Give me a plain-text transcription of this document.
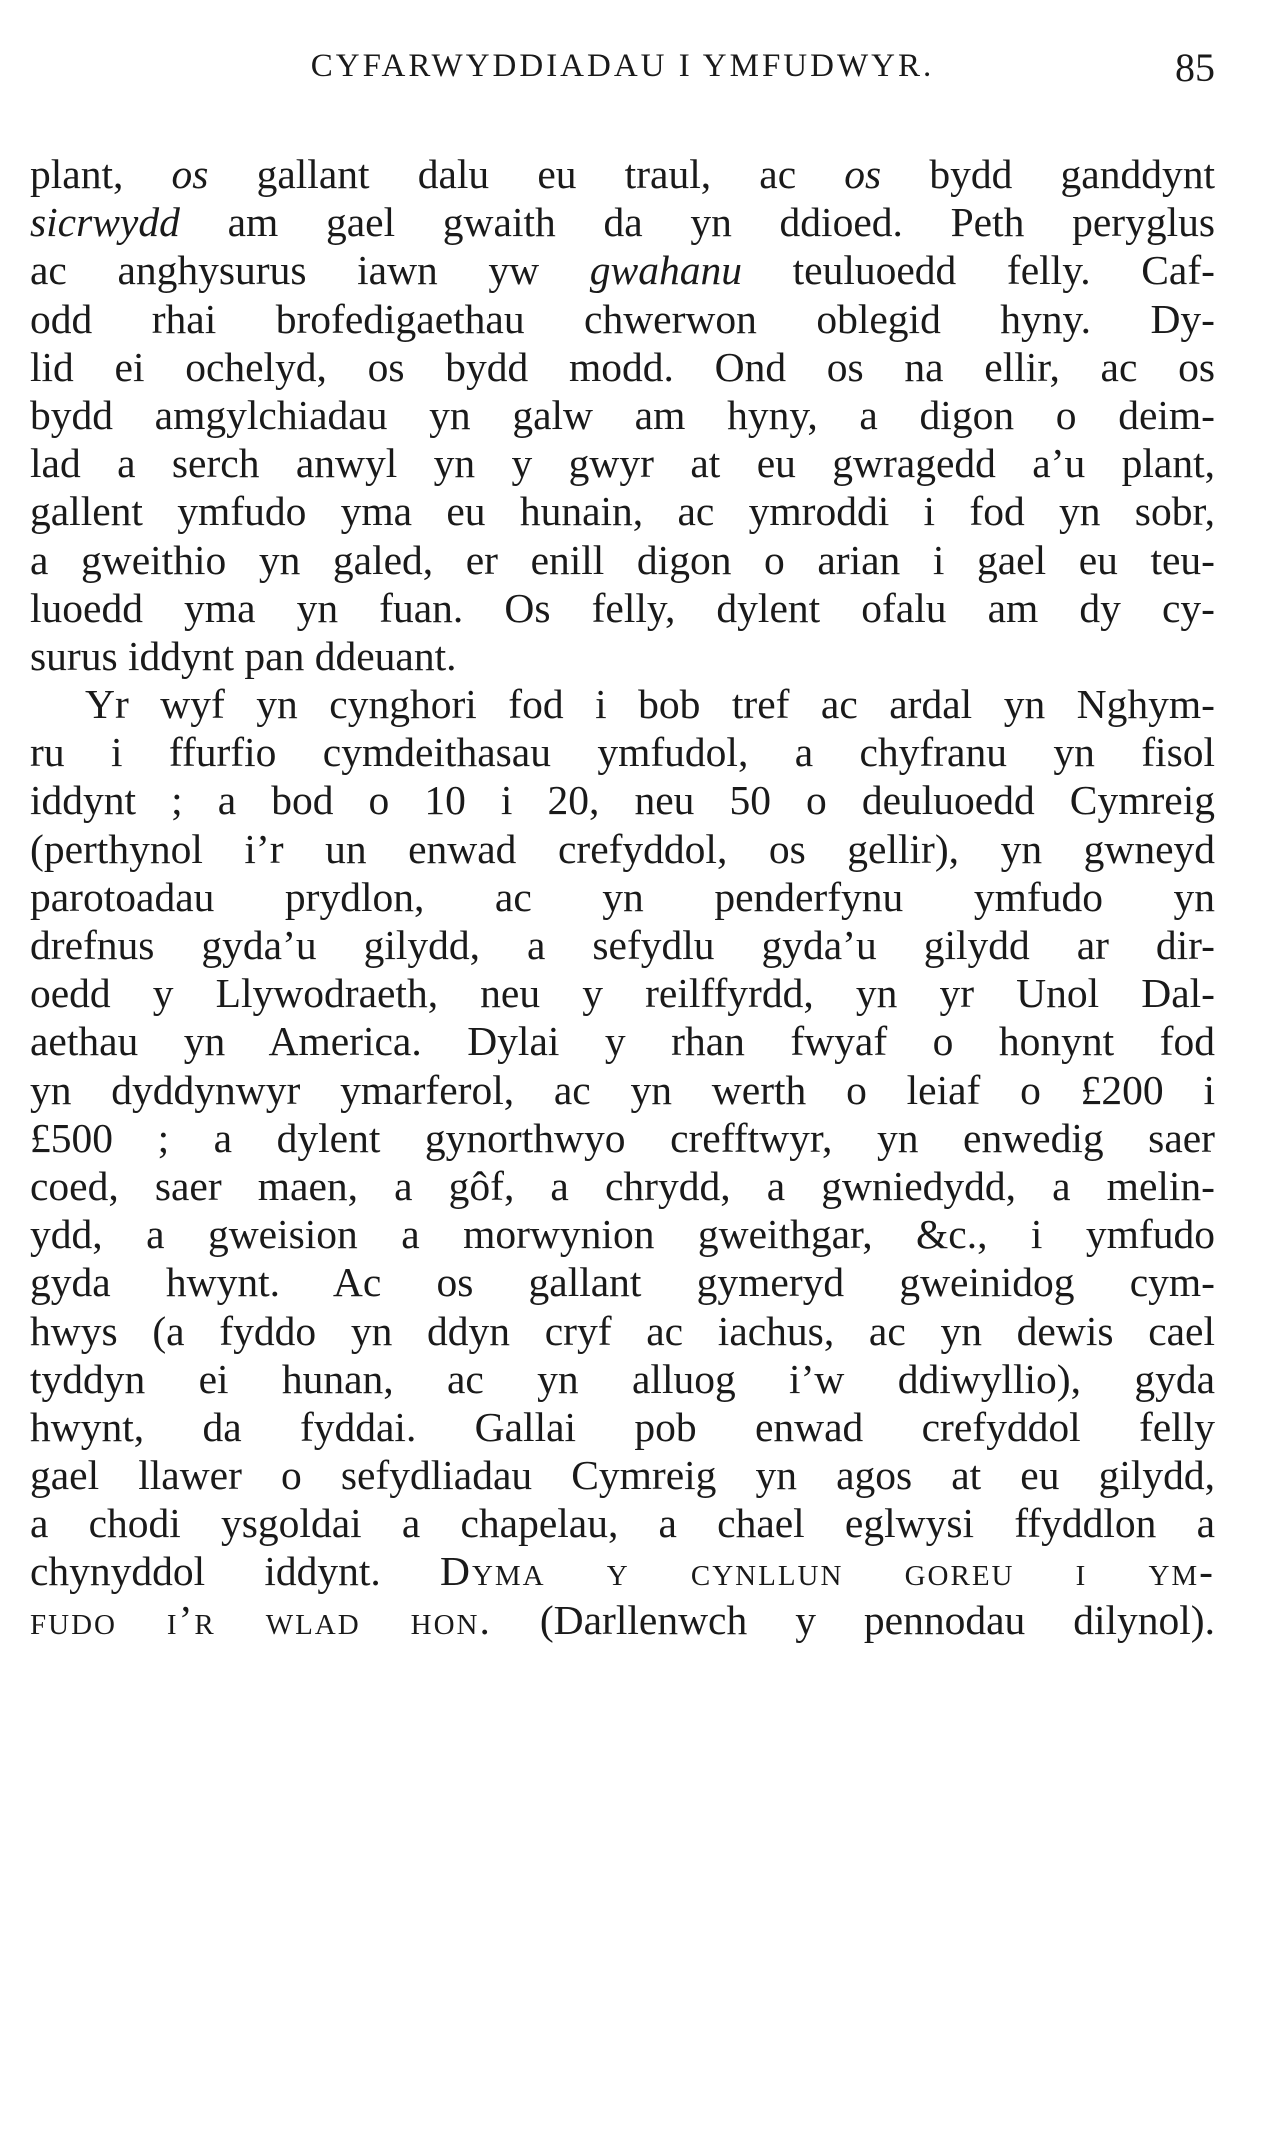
CYFARWYDDIADAU I YMFUDWYR.	85
plant, os gallant dalu eu traul, ac os bydd ganddynt
sicrwydd am gael gwaith da yn ddioed. Peth peryglus
ac anghysurus iawn yw gwahanu teuluoedd felly. Caf-
odd rhai brofedigaethau chwerwon oblegid hyny. Dy-
lid ei ochelyd, os bydd modd. Ond os na ellir, ac os
bydd amgylchiadau yn galw am hyny, a digon o deim-
lad a serch anwyl yn y gwyr at eu gwragedd a’u plant,
gallent ymfudo yma eu hunain, ac ymroddi i fod yn sobr,
a gweithio yn galed, er enill digon o arian i gael eu teu-
luoedd yma yn fuan. Os felly, dylent ofalu am dy cy-
surus iddynt pan ddeuant.
Yr wyf yn cynghori fod i bob tref ac ardal yn Nghym-
ru i ffurfio cymdeithasau ymfudol, a chyfranu yn fisol
iddynt ; a bod o 10 i 20, neu 50 o deuluoedd Cymreig
(perthynol i’r un enwad crefyddol, os gellir), yn gwneyd
parotoadau prydlon, ac yn penderfynu ymfudo yn
drefnus gyda’u gilydd, a sefydlu gyda’u gilydd ar dir-
oedd y Llywodraeth, neu y reilffyrdd, yn yr Unol Dal-
aethau yn America. Dylai y rhan fwyaf o honynt fod
yn dyddynwyr ymarferol, ac yn werth o leiaf o £200 i
£500 ; a dylent gynorthwyo crefftwyr, yn enwedig saer
coed, saer maen, a gôf, a chrydd, a gwniedydd, a melin-
ydd, a gweision a morwynion gweithgar, &c., i ymfudo
gyda hwynt. Ac os gallant gymeryd gweinidog cym-
hwys (a fyddo yn ddyn cryf ac iachus, ac yn dewis cael
tyddyn ei hunan, ac yn alluog i’w ddiwyllio), gyda
hwynt, da fyddai. Gallai pob enwad crefyddol felly
gael llawer o sefydliadau Cymreig yn agos at eu gilydd,
a chodi ysgoldai a chapelau, a chael eglwysi ffyddlon a
chynyddol iddynt. Dyma y cynllun goreu i ym-
fudo i’r wlad hon. (Darllenwch y pennodau dilynol).
